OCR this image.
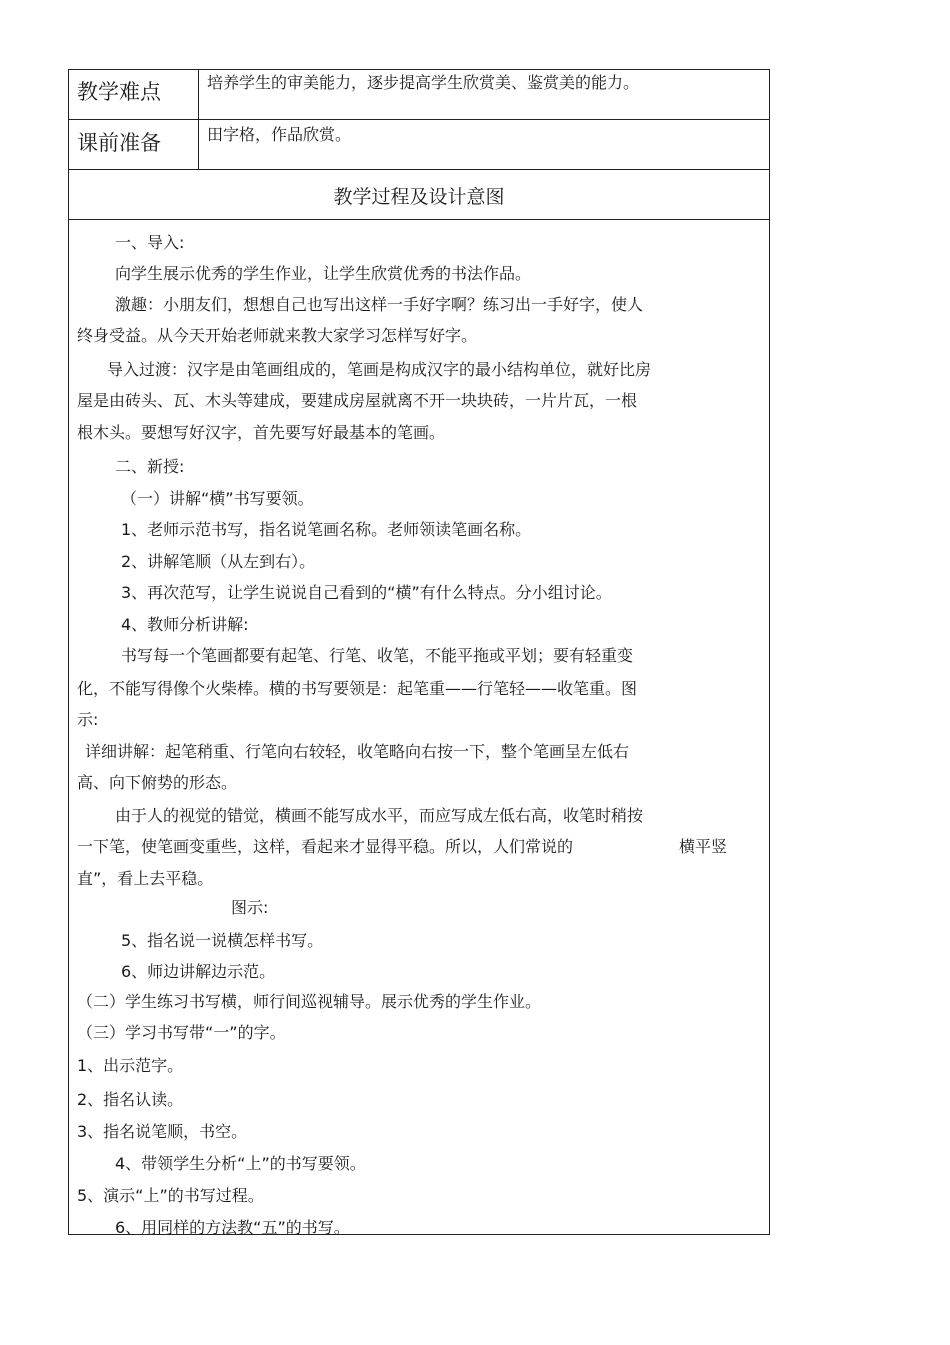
教学难点	培养学生的审美能力，逐步提高学生欣赏美、鉴赏美的能力。
课前准备	田字格，作品欣赏。
教学过程及设计意图
一、导入:
向学生展示优秀的学生作业，让学生欣赏优秀的书法作品。
激趣：小朋友们，想想自己也写出这样一手好字啊？练习出一手好字，使人
终身受益。从今天开始老师就来教大家学习怎样写好字。
导入过渡：汉字是由笔画组成的，笔画是构成汉字的最小结构单位，就好比房
屋是由砖头、瓦、木头等建成，要建成房屋就离不开一块块砖，一片片瓦，一根
根木头。要想写好汉字，首先要写好最基本的笔画。
二、新授:
（一）讲解“横”书写要领。
1、老师示范书写，指名说笔画名称。老师领读笔画名称。
2、讲解笔顺（从左到右）。
3、再次范写，让学生说说自己看到的“横”有什么特点。分小组讨论。
4、教师分析讲解:
书写每一个笔画都要有起笔、行笔、收笔，不能平拖或平划；要有轻重变
化，不能写得像个火柴棒。横的书写要领是：起笔重——行笔轻——收笔重。图
示:
详细讲解：起笔稍重、行笔向右较轻，收笔略向右按一下，整个笔画呈左低右
高、向下俯势的形态。
由于人的视觉的错觉，横画不能写成水平，而应写成左低右高，收笔时稍按
一下笔，使笔画变重些，这样，看起来才显得平稳。所以，人们常说的	横平竖
直”，看上去平稳。
图示:
5、指名说一说横怎样书写。
6、师边讲解边示范。
（二）学生练习书写横，师行间巡视辅导。展示优秀的学生作业。
（三）学习书写带“一”的字。
1、出示范字。
2、指名认读。
3、指名说笔顺，书空。
4、带领学生分析“上”的书写要领。
5、演示“上”的书写过程。
6、用同样的方法教“五”的书写。
